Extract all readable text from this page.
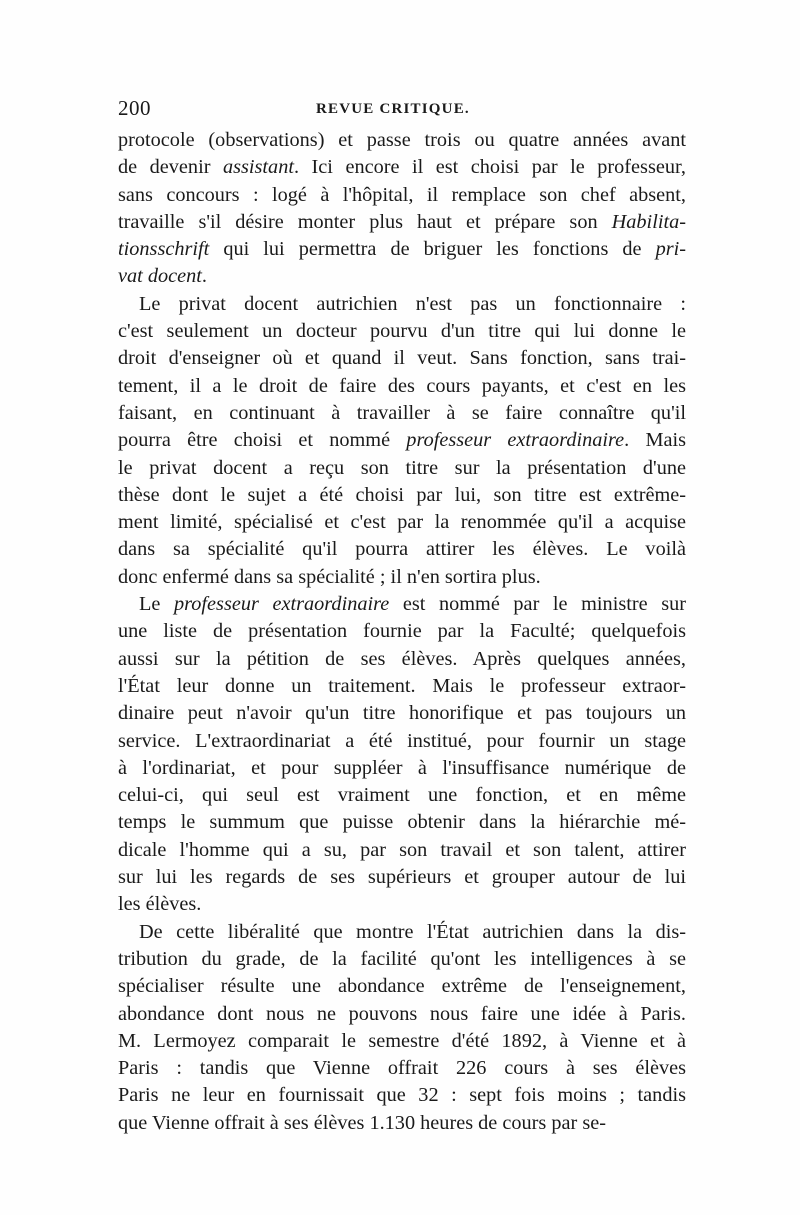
200	REVUE CRITIQUE.
protocole (observations) et passe trois ou quatre années avant
de devenir assistant. Ici encore il est choisi par le professeur,
sans concours : logé à l'hôpital, il remplace son chef absent,
travaille s'il désire monter plus haut et prépare son Habilita-
tionsschrift qui lui permettra de briguer les fonctions de pri-
vat docent.
Le privat docent autrichien n'est pas un fonctionnaire :
c'est seulement un docteur pourvu d'un titre qui lui donne le
droit d'enseigner où et quand il veut. Sans fonction, sans trai-
tement, il a le droit de faire des cours payants, et c'est en les
faisant, en continuant à travailler à se faire connaître qu'il
pourra être choisi et nommé professeur extraordinaire. Mais
le privat docent a reçu son titre sur la présentation d'une
thèse dont le sujet a été choisi par lui, son titre est extrême-
ment limité, spécialisé et c'est par la renommée qu'il a acquise
dans sa spécialité qu'il pourra attirer les élèves. Le voilà
donc enfermé dans sa spécialité ; il n'en sortira plus.
Le professeur extraordinaire est nommé par le ministre sur
une liste de présentation fournie par la Faculté; quelquefois
aussi sur la pétition de ses élèves. Après quelques années,
l'État leur donne un traitement. Mais le professeur extraor-
dinaire peut n'avoir qu'un titre honorifique et pas toujours un
service. L'extraordinariat a été institué, pour fournir un stage
à l'ordinariat, et pour suppléer à l'insuffisance numérique de
celui-ci, qui seul est vraiment une fonction, et en même
temps le summum que puisse obtenir dans la hiérarchie mé-
dicale l'homme qui a su, par son travail et son talent, attirer
sur lui les regards de ses supérieurs et grouper autour de lui
les élèves.
De cette libéralité que montre l'État autrichien dans la dis-
tribution du grade, de la facilité qu'ont les intelligences à se
spécialiser résulte une abondance extrême de l'enseignement,
abondance dont nous ne pouvons nous faire une idée à Paris.
M. Lermoyez comparait le semestre d'été 1892, à Vienne et à
Paris : tandis que Vienne offrait 226 cours à ses élèves
Paris ne leur en fournissait que 32 : sept fois moins ; tandis
que Vienne offrait à ses élèves 1.130 heures de cours par se-
